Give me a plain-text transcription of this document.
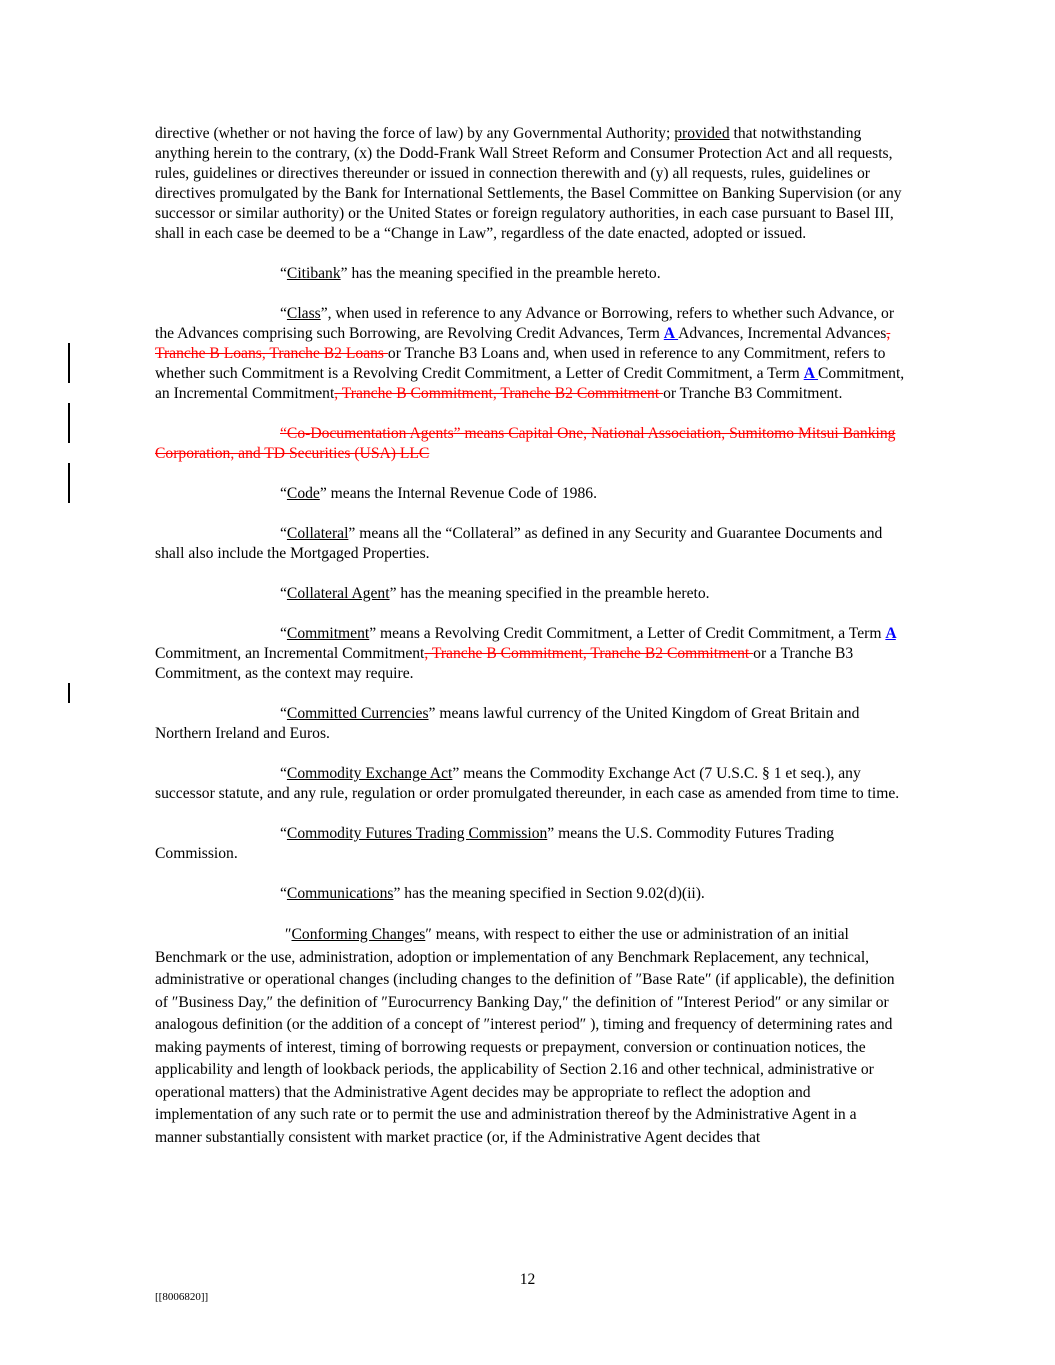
directive (whether or not having the force of law) by any Governmental Authority; provided that notwithstanding anything herein to the contrary, (x) the Dodd-Frank Wall Street Reform and Consumer Protection Act and all requests, rules, guidelines or directives thereunder or issued in connection therewith and (y) all requests, rules, guidelines or directives promulgated by the Bank for International Settlements, the Basel Committee on Banking Supervision (or any successor or similar authority) or the United States or foreign regulatory authorities, in each case pursuant to Basel III, shall in each case be deemed to be a “Change in Law”, regardless of the date enacted, adopted or issued.

“Citibank” has the meaning specified in the preamble hereto.

“Class”, when used in reference to any Advance or Borrowing, refers to whether such Advance, or the Advances comprising such Borrowing, are Revolving Credit Advances, Term A Advances, Incremental Advances, Tranche B Loans, Tranche B2 Loans or Tranche B3 Loans and, when used in reference to any Commitment, refers to whether such Commitment is a Revolving Credit Commitment, a Letter of Credit Commitment, a Term A Commitment, an Incremental Commitment, Tranche B Commitment, Tranche B2 Commitment or Tranche B3 Commitment.

“Co-Documentation Agents” means Capital One, National Association, Sumitomo Mitsui Banking Corporation, and TD Securities (USA) LLC

“Code” means the Internal Revenue Code of 1986.

“Collateral” means all the “Collateral” as defined in any Security and Guarantee Documents and shall also include the Mortgaged Properties.

“Collateral Agent” has the meaning specified in the preamble hereto.

“Commitment” means a Revolving Credit Commitment, a Letter of Credit Commitment, a Term A Commitment, an Incremental Commitment, Tranche B Commitment, Tranche B2 Commitment or a Tranche B3 Commitment, as the context may require.

“Committed Currencies” means lawful currency of the United Kingdom of Great Britain and Northern Ireland and Euros.

“Commodity Exchange Act” means the Commodity Exchange Act (7 U.S.C. § 1 et seq.), any successor statute, and any rule, regulation or order promulgated thereunder, in each case as amended from time to time.

“Commodity Futures Trading Commission” means the U.S. Commodity Futures Trading Commission.

“Communications” has the meaning specified in Section 9.02(d)(ii).

″Conforming Changes″ means, with respect to either the use or administration of an initial Benchmark or the use, administration, adoption or implementation of any Benchmark Replacement, any technical, administrative or operational changes (including changes to the definition of ″Base Rate″ (if applicable), the definition of ″Business Day,″ the definition of ″Eurocurrency Banking Day,″ the definition of ″Interest Period″ or any similar or analogous definition (or the addition of a concept of ″interest period″ ), timing and frequency of determining rates and making payments of interest, timing of borrowing requests or prepayment, conversion or continuation notices, the applicability and length of lookback periods, the applicability of Section 2.16 and other technical, administrative or operational matters) that the Administrative Agent decides may be appropriate to reflect the adoption and implementation of any such rate or to permit the use and administration thereof by the Administrative Agent in a manner substantially consistent with market practice (or, if the Administrative Agent decides that

12
[[8006820]]
